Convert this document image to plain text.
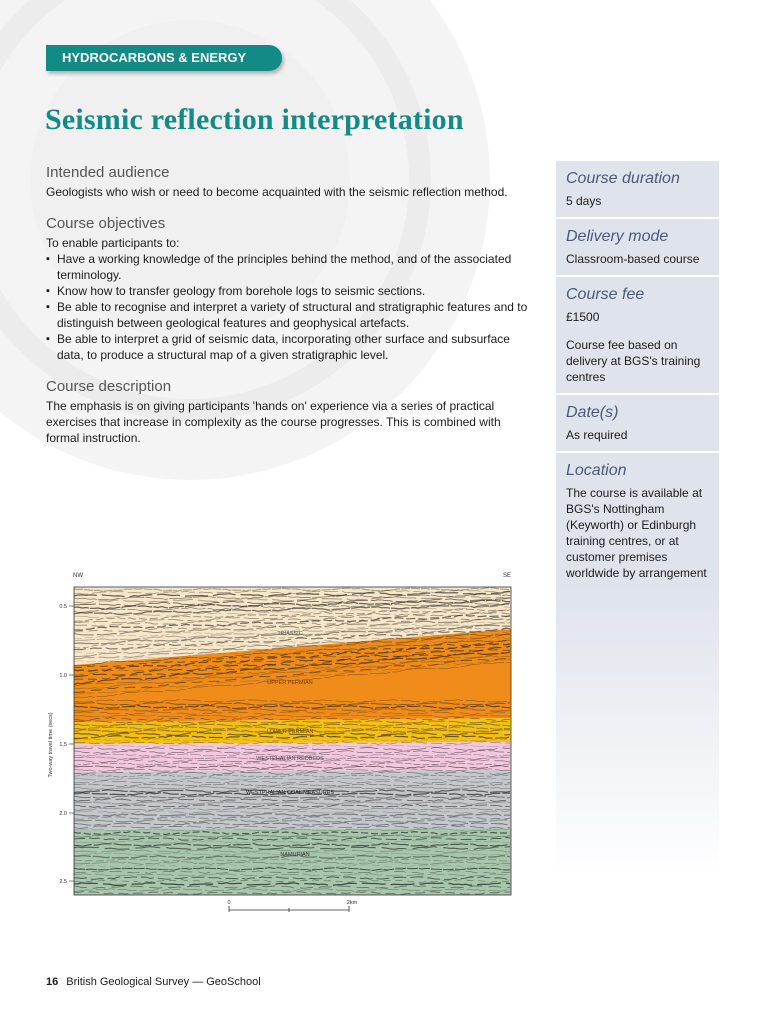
HYDROCARBONS & ENERGY
Seismic reflection interpretation
Intended audience

Geologists who wish or need to become acquainted with the seismic reflection method.

Course objectives

To enable participants to:

▪ Have a working knowledge of the principles behind the method, and of the associated terminology.
▪ Know how to transfer geology from borehole logs to seismic sections.
▪ Be able to recognise and interpret a variety of structural and stratigraphic features and to distinguish between geological features and geophysical artefacts.
▪ Be able to interpret a grid of seismic data, incorporating other surface and subsurface data, to produce a structural map of a given stratigraphic level.
Course description

The emphasis is on giving participants 'hands on' experience via a series of practical exercises that increase in complexity as the course progresses. This is combined with formal instruction.

Course duration

5 days

Delivery mode

Classroom-based course

Course fee

£1500

Course fee based on delivery at BGS's training centres

Date(s)

As required

Location

The course is available at BGS's Nottingham (Keyworth) or Edinburgh training centres, or at customer premises worldwide by arrangement

NW	SE
TRIASSIC
UPPER PERMIAN
LOWER PERMIAN
WESTPHALIAN REDBEDS
WESTPHALIAN COAL MEASURES
NAMURIAN
0.5
1.0
1.5
2.0
2.5
Two-way travel time (secs)
0	2km
16 British Geological Survey — GeoSchool
